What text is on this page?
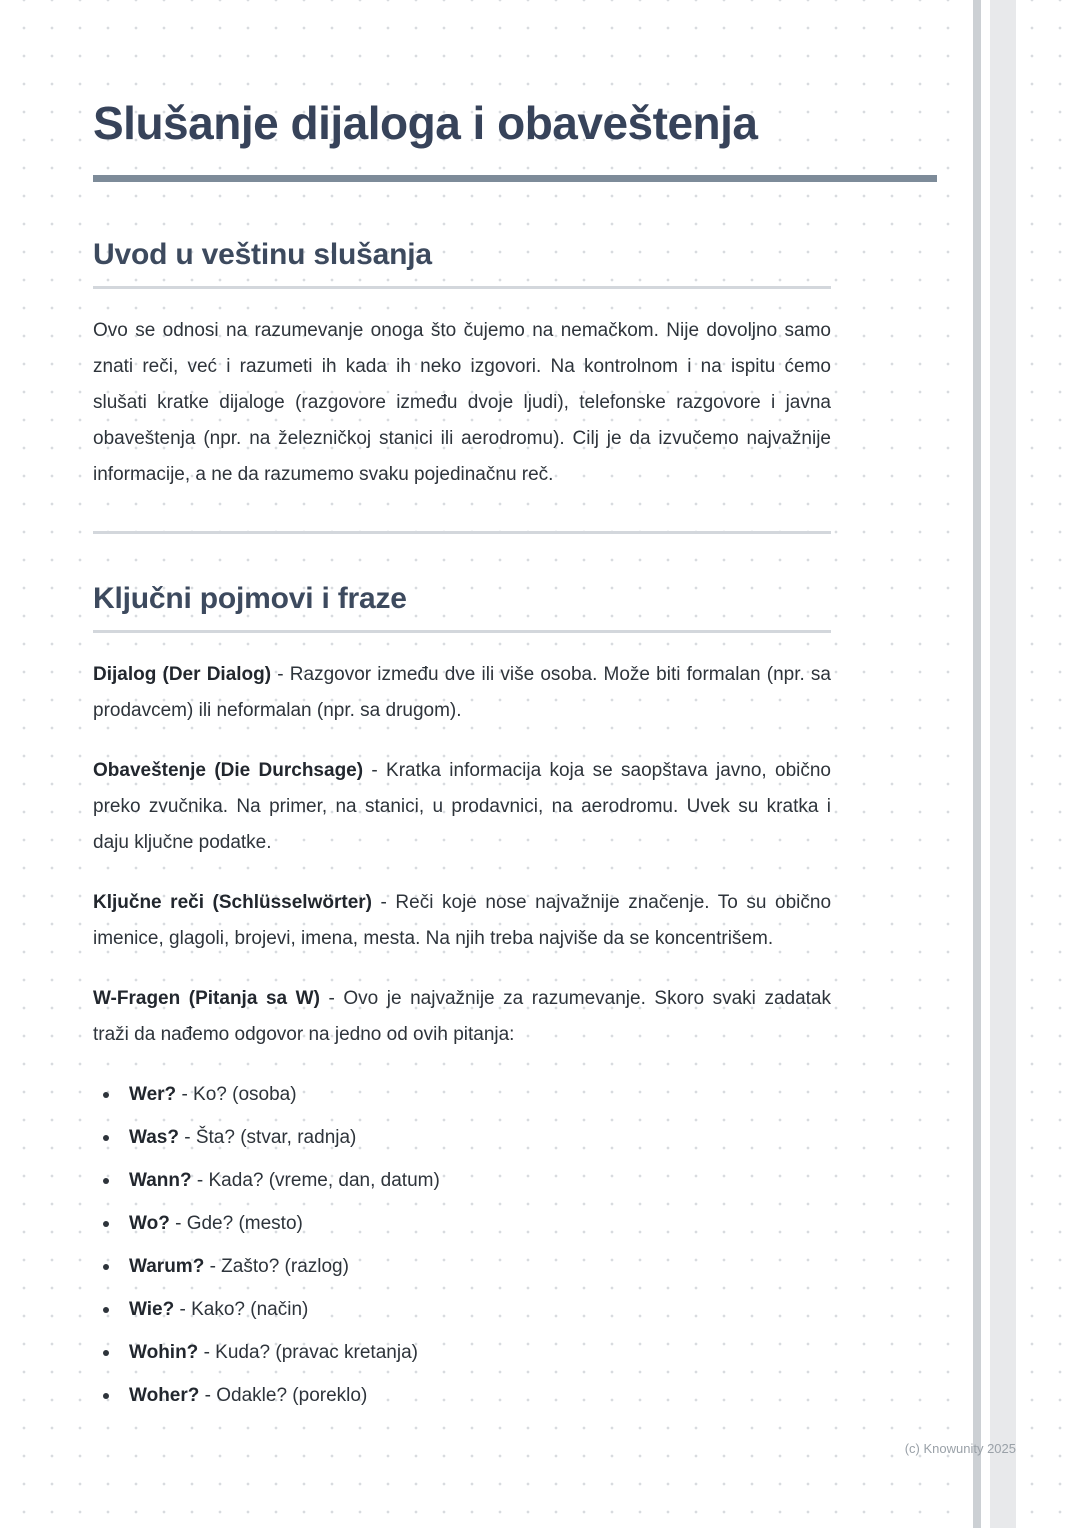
Slušanje dijaloga i obaveštenja
Uvod u veštinu slušanja

Ovo se odnosi na razumevanje onoga što čujemo na nemačkom. Nije dovoljno samo znati reči, već i razumeti ih kada ih neko izgovori. Na kontrolnom i na ispitu ćemo slušati kratke dijaloge (razgovore između dvoje ljudi), telefonske razgovore i javna obaveštenja (npr. na železničkoj stanici ili aerodromu). Cilj je da izvučemo najvažnije informacije, a ne da razumemo svaku pojedinačnu reč.

Ključni pojmovi i fraze

Dijalog (Der Dialog) - Razgovor između dve ili više osoba. Može biti formalan (npr. sa prodavcem) ili neformalan (npr. sa drugom).

Obaveštenje (Die Durchsage) - Kratka informacija koja se saopštava javno, obično preko zvučnika. Na primer, na stanici, u prodavnici, na aerodromu. Uvek su kratka i daju ključne podatke.

Ključne reči (Schlüsselwörter) - Reči koje nose najvažnije značenje. To su obično imenice, glagoli, brojevi, imena, mesta. Na njih treba najviše da se koncentrišem.

W-Fragen (Pitanja sa W) - Ovo je najvažnije za razumevanje. Skoro svaki zadatak traži da nađemo odgovor na jedno od ovih pitanja:

Wer? - Ko? (osoba)
Was? - Šta? (stvar, radnja)
Wann? - Kada? (vreme, dan, datum)
Wo? - Gde? (mesto)
Warum? - Zašto? (razlog)
Wie? - Kako? (način)
Wohin? - Kuda? (pravac kretanja)
Woher? - Odakle? (poreklo)
(c) Knowunity 2025
